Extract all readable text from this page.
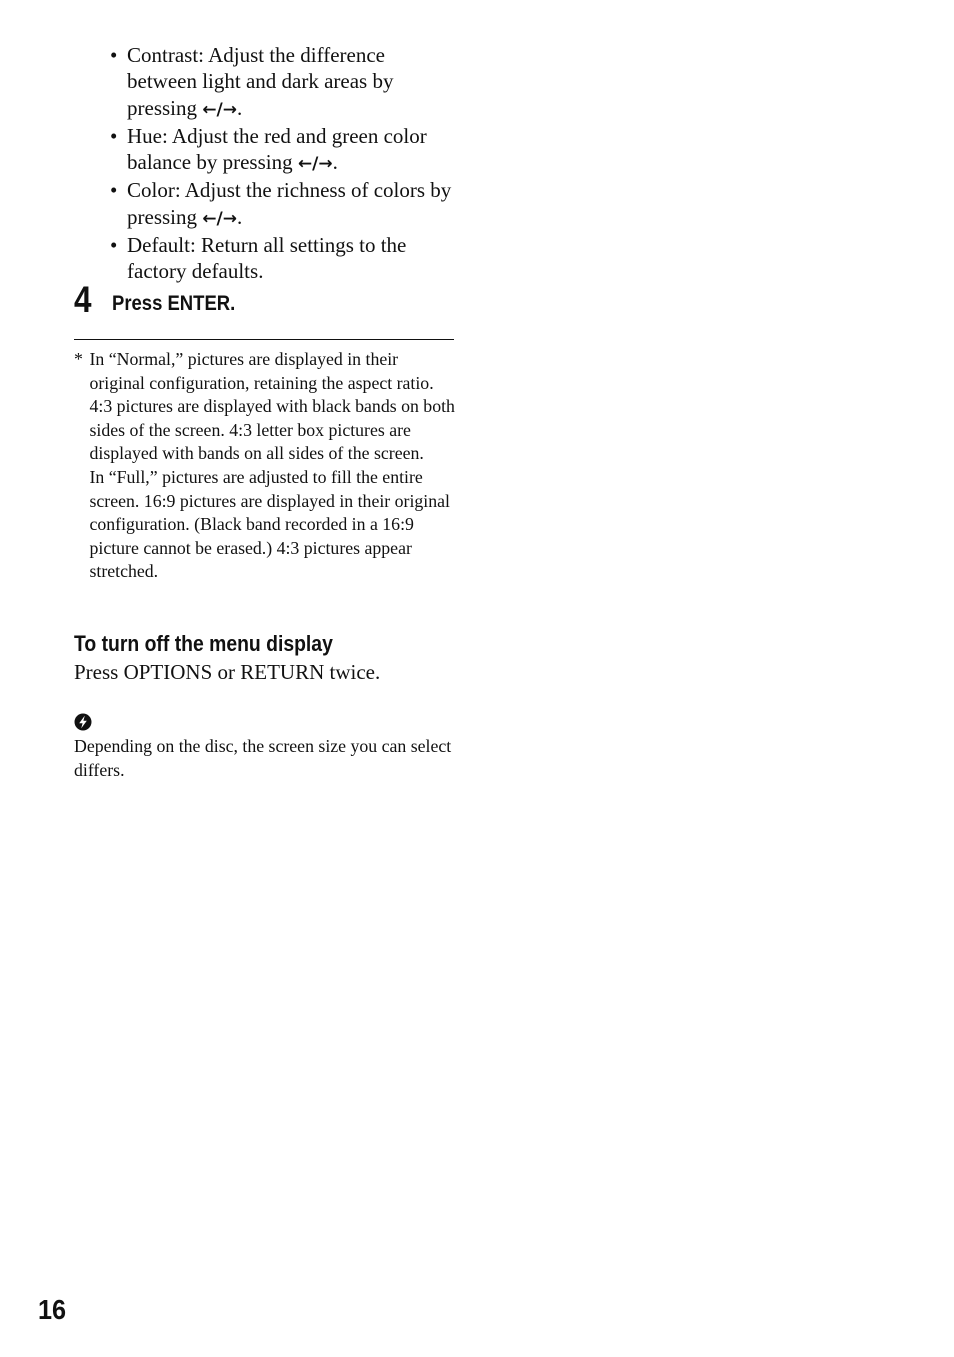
• Contrast: Adjust the difference between light and dark areas by pressing ←/→.
• Hue: Adjust the red and green color balance by pressing ←/→.
• Color: Adjust the richness of colors by pressing ←/→.
• Default: Return all settings to the factory defaults.
4 Press ENTER.
* In “Normal,” pictures are displayed in their original configuration, retaining the aspect ratio. 4:3 pictures are displayed with black bands on both sides of the screen. 4:3 letter box pictures are displayed with bands on all sides of the screen.

In “Full,” pictures are adjusted to fill the entire screen. 16:9 pictures are displayed in their original configuration. (Black band recorded in a 16:9 picture cannot be erased.) 4:3 pictures appear stretched.

To turn off the menu display
Press OPTIONS or RETURN twice.

Depending on the disc, the screen size you can select differs.

16
